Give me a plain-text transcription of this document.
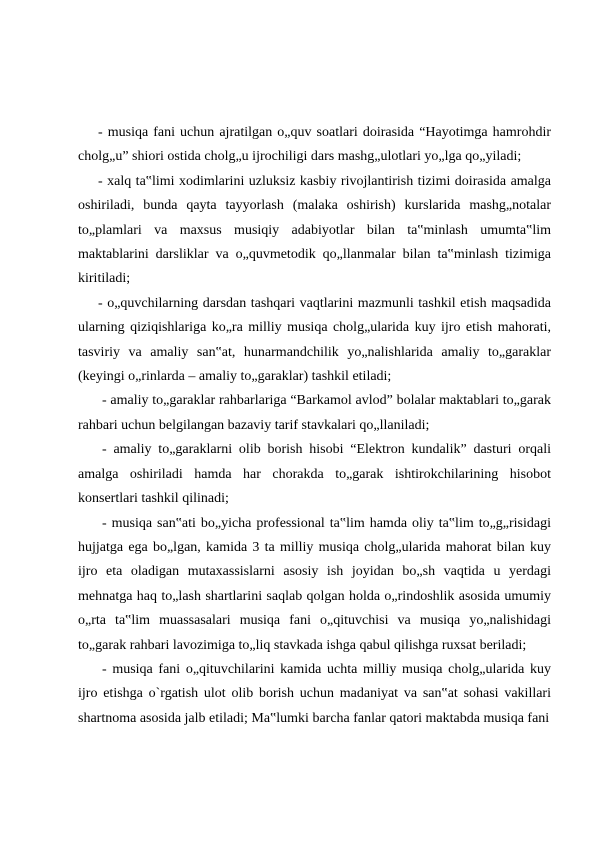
- musiqa fani uchun ajratilgan o„quv soatlari doirasida “Hayotimga hamrohdir cholg„u” shiori ostida cholg„u ijrochiligi dars mashg„ulotlari yo„lga qo„yiladi;

- xalq ta‟limi xodimlarini uzluksiz kasbiy rivojlantirish tizimi doirasida amalga oshiriladi, bunda qayta tayyorlash (malaka oshirish) kurslarida mashg„notalar to„plamlari va maxsus musiqiy adabiyotlar bilan ta‟minlash umumta‟lim maktablarini darsliklar va o„quvmetodik qo„llanmalar bilan ta‟minlash tizimiga kiritiladi;

- o„quvchilarning darsdan tashqari vaqtlarini mazmunli tashkil etish maqsadida ularning qiziqishlariga ko„ra milliy musiqa cholg„ularida kuy ijro etish mahorati, tasviriy va amaliy san‟at, hunarmandchilik yo„nalishlarida amaliy to„garaklar (keyingi o„rinlarda – amaliy to„garaklar) tashkil etiladi;

- amaliy to„garaklar rahbarlariga “Barkamol avlod” bolalar maktablari to„garak rahbari uchun belgilangan bazaviy tarif stavkalari qo„llaniladi;

- amaliy to„garaklarni olib borish hisobi “Elektron kundalik” dasturi orqali amalga oshiriladi hamda har chorakda to„garak ishtirokchilarining hisobot konsertlari tashkil qilinadi;

- musiqa san‟ati bo„yicha professional ta‟lim hamda oliy ta‟lim to„g„risidagi hujjatga ega bo„lgan, kamida 3 ta milliy musiqa cholg„ularida mahorat bilan kuy ijro eta oladigan mutaxassislarni asosiy ish joyidan bo„sh vaqtida u yerdagi mehnatga haq to„lash shartlarini saqlab qolgan holda o„rindoshlik asosida umumiy o„rta ta‟lim muassasalari musiqa fani o„qituvchisi va musiqa yo„nalishidagi to„garak rahbari lavozimiga to„liq stavkada ishga qabul qilishga ruxsat beriladi;

- musiqa fani o„qituvchilarini kamida uchta milliy musiqa cholg„ularida kuy ijro etishga o`rgatish ulot olib borish uchun madaniyat va san‟at sohasi vakillari shartnoma asosida jalb etiladi; Ma‟lumki barcha fanlar qatori maktabda musiqa fani
